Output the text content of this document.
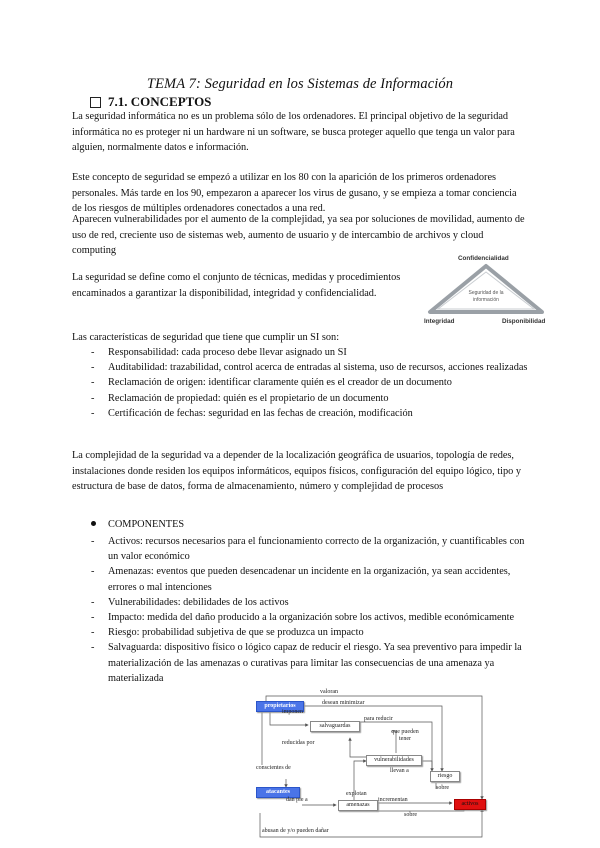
TEMA 7: Seguridad en los Sistemas de Información
7.1. CONCEPTOS
La seguridad informática no es un problema sólo de los ordenadores. El principal objetivo de la seguridad informática no es proteger ni un hardware ni un software, se busca proteger aquello que tenga un valor para alguien, normalmente datos e información.
Este concepto de seguridad se empezó a utilizar en los 80 con la aparición de los primeros ordenadores personales. Más tarde en los 90, empezaron a aparecer los virus de gusano, y se empieza a tomar conciencia de los riesgos de múltiples ordenadores conectados a una red.
Aparecen vulnerabilidades por el aumento de la complejidad, ya sea por soluciones de movilidad, aumento de uso de red, creciente uso de sistemas web, aumento de usuario y de intercambio de archivos y cloud computing
La seguridad se define como el conjunto de técnicas, medidas y procedimientos encaminados a garantizar la disponibilidad, integridad y confidencialidad.
Confidencialidad
Integridad	Disponibilidad
Seguridad de la información
Las características de seguridad que tiene que cumplir un SI son:
- Responsabilidad: cada proceso debe llevar asignado un SI
- Auditabilidad: trazabilidad, control acerca de entradas al sistema, uso de recursos, acciones realizadas
- Reclamación de origen: identificar claramente quién es el creador de un documento
- Reclamación de propiedad: quién es el propietario de un documento
- Certificación de fechas: seguridad en las fechas de creación, modificación
La complejidad de la seguridad va a depender de la localización geográfica de usuarios, topología de redes, instalaciones donde residen los equipos informáticos, equipos físicos, configuración del equipo lógico, tipo y estructura de base de datos, forma de almacenamiento, número y complejidad de procesos
COMPONENTES
- Activos: recursos necesarios para el funcionamiento correcto de la organización, y cuantificables con un valor económico
- Amenazas: eventos que pueden desencadenar un incidente en la organización, ya sean accidentes, errores o mal intenciones
- Vulnerabilidades: debilidades de los activos
- Impacto: medida del daño producido a la organización sobre los activos, medible económicamente
- Riesgo: probabilidad subjetiva de que se produzca un impacto
- Salvaguarda: dispositivo físico o lógico capaz de reducir el riesgo. Ya sea preventivo para impedir la materialización de las amenazas o curativas para limitar las consecuencias de una amenaza ya materializada
propietarios
salvaguardas
que pueden tener
vulnerabilidades
riesgo
atacantes
amenazas	activos
valoran
desean minimizar
imponen
para reducir
reducidas por
conscientes de	llevan a
sobre
explotan
dan pie a	incrementan
sobre
abusan de y/o pueden dañar
